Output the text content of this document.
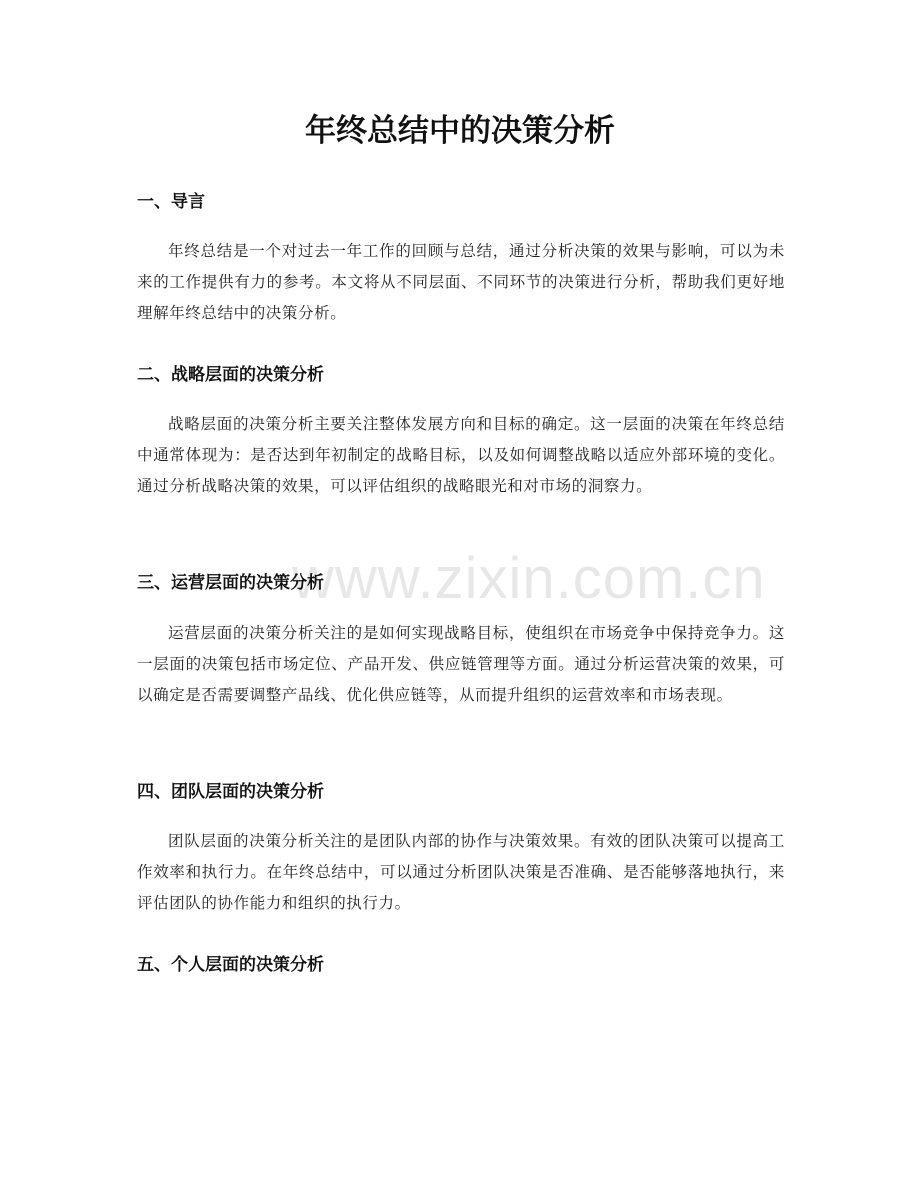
年终总结中的决策分析
一、导言

年终总结是一个对过去一年工作的回顾与总结，通过分析决策的效果与影响，可以为未来的工作提供有力的参考。本文将从不同层面、不同环节的决策进行分析，帮助我们更好地理解年终总结中的决策分析。

二、战略层面的决策分析

战略层面的决策分析主要关注整体发展方向和目标的确定。这一层面的决策在年终总结中通常体现为：是否达到年初制定的战略目标，以及如何调整战略以适应外部环境的变化。通过分析战略决策的效果，可以评估组织的战略眼光和对市场的洞察力。

三、运营层面的决策分析

运营层面的决策分析关注的是如何实现战略目标，使组织在市场竞争中保持竞争力。这一层面的决策包括市场定位、产品开发、供应链管理等方面。通过分析运营决策的效果，可以确定是否需要调整产品线、优化供应链等，从而提升组织的运营效率和市场表现。

四、团队层面的决策分析

团队层面的决策分析关注的是团队内部的协作与决策效果。有效的团队决策可以提高工作效率和执行力。在年终总结中，可以通过分析团队决策是否准确、是否能够落地执行，来评估团队的协作能力和组织的执行力。

五、个人层面的决策分析
www.zixin.com.cn
